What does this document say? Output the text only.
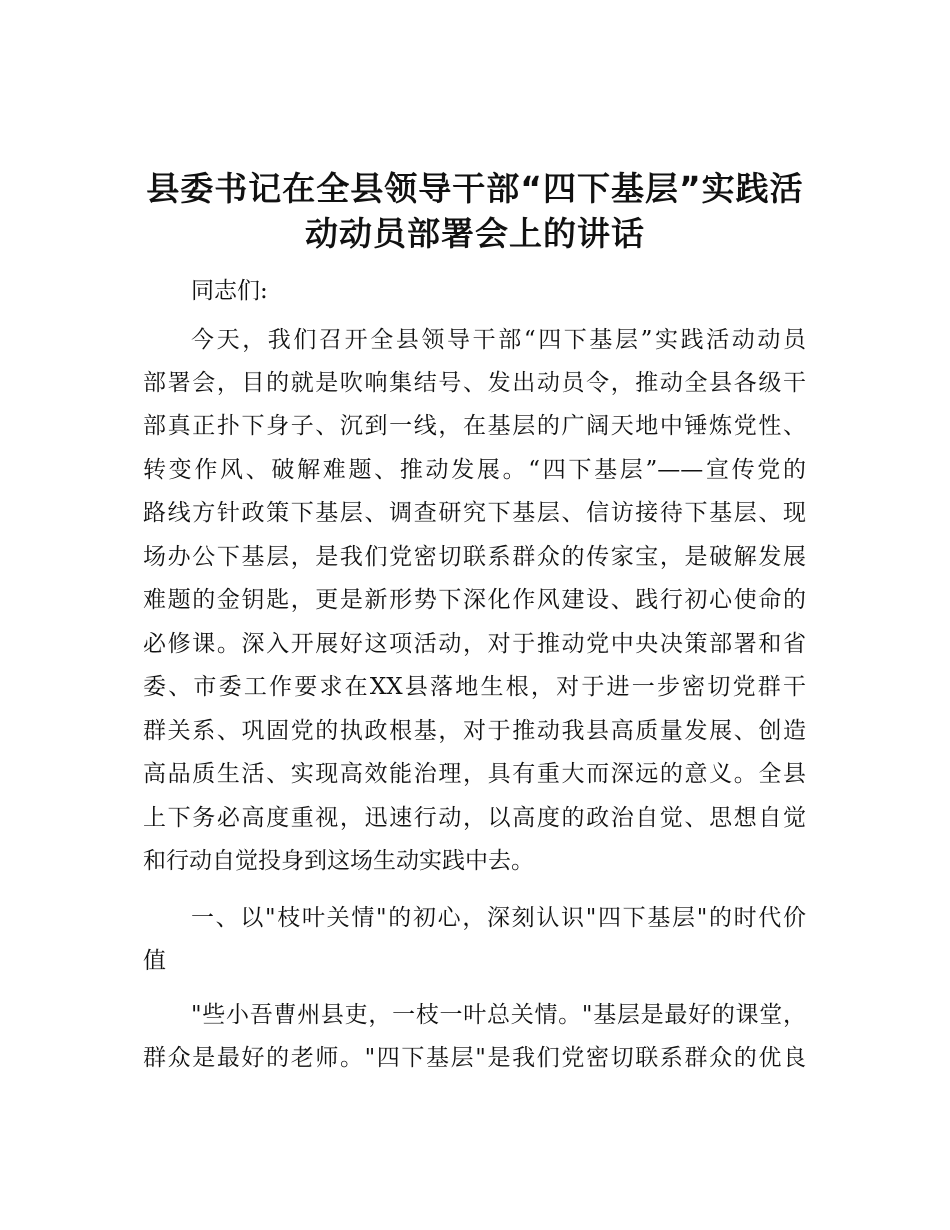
县委书记在全县领导干部“四下基层”实践活
动动员部署会上的讲话
同志们:
今天，我们召开全县领导干部“四下基层”实践活动动员
部署会，目的就是吹响集结号、发出动员令，推动全县各级干
部真正扑下身子、沉到一线，在基层的广阔天地中锤炼党性、
转变作风、破解难题、推动发展。“四下基层”——宣传党的
路线方针政策下基层、调查研究下基层、信访接待下基层、现
场办公下基层，是我们党密切联系群众的传家宝，是破解发展
难题的金钥匙，更是新形势下深化作风建设、践行初心使命的
必修课。深入开展好这项活动，对于推动党中央决策部署和省
委、市委工作要求在XX县落地生根，对于进一步密切党群干
群关系、巩固党的执政根基，对于推动我县高质量发展、创造
高品质生活、实现高效能治理，具有重大而深远的意义。全县
上下务必高度重视，迅速行动，以高度的政治自觉、思想自觉
和行动自觉投身到这场生动实践中去。
一、以"枝叶关情"的初心，深刻认识"四下基层"的时代价
值
"些小吾曹州县吏，一枝一叶总关情。"基层是最好的课堂，
群众是最好的老师。"四下基层"是我们党密切联系群众的优良
